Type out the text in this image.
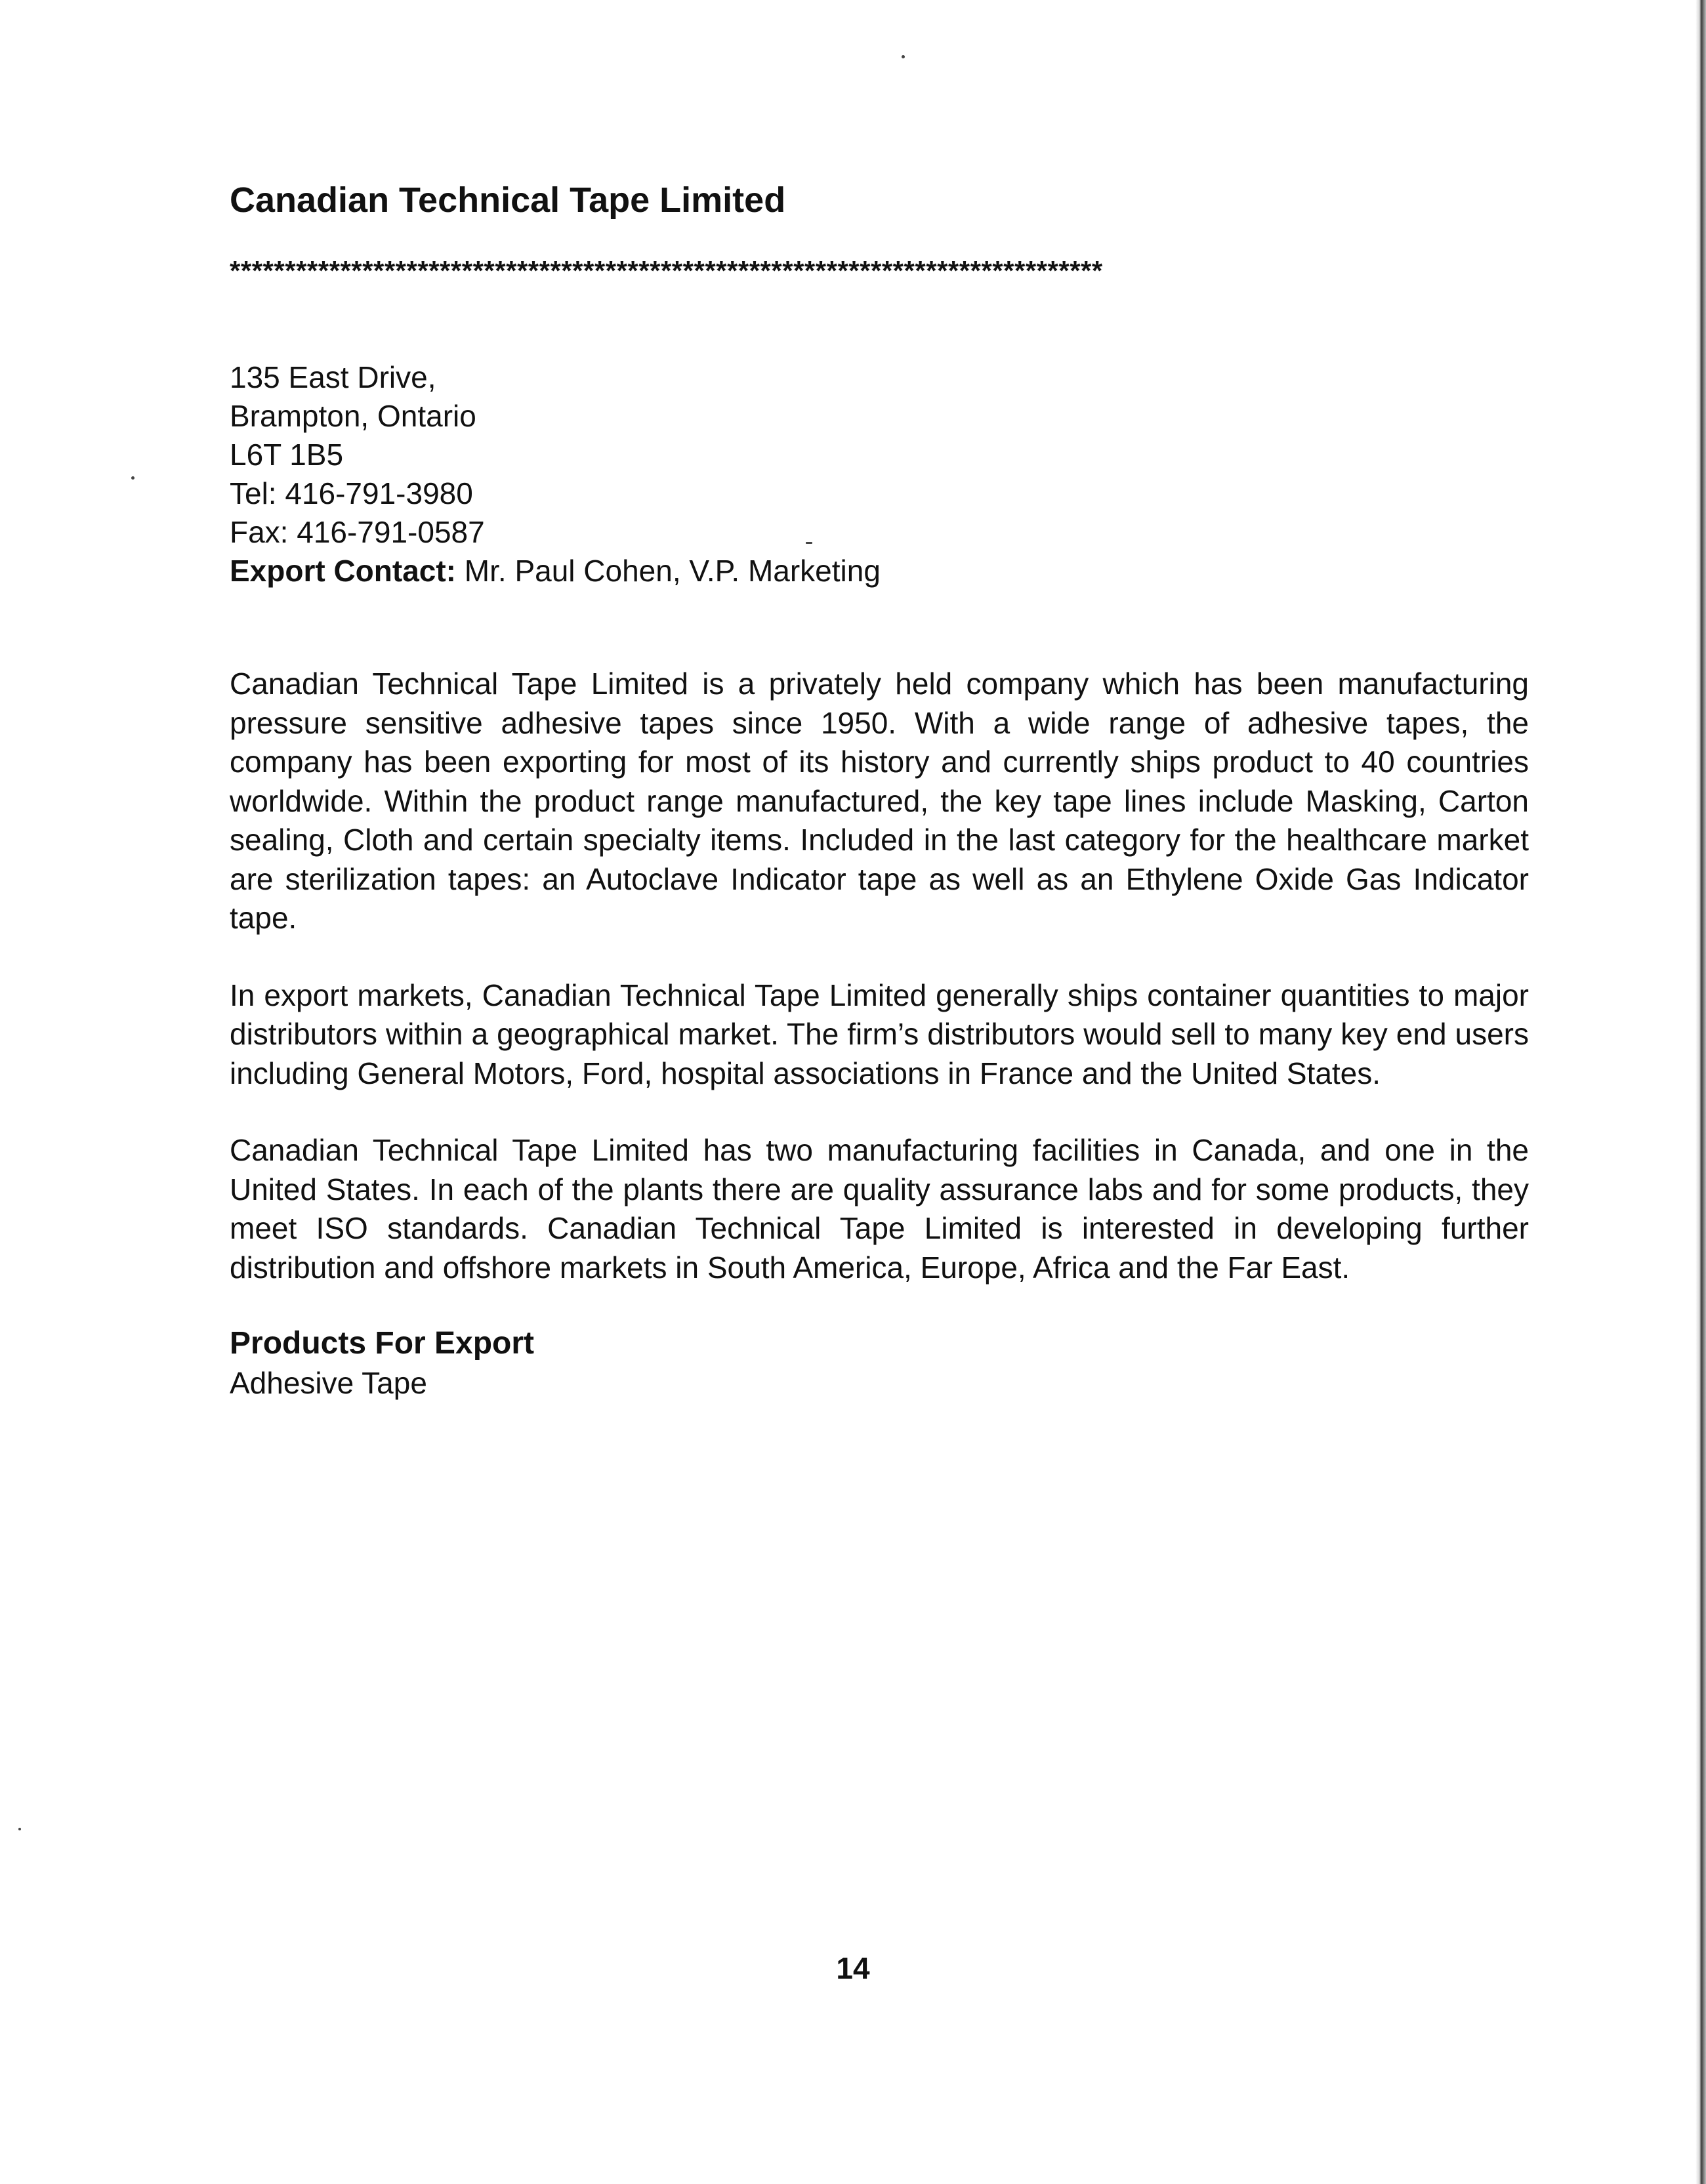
Canadian Technical Tape Limited
*******************************************************************************
135 East Drive,
Brampton, Ontario
L6T 1B5
Tel: 416-791-3980
Fax: 416-791-0587
Export Contact: Mr. Paul Cohen, V.P. Marketing

Canadian Technical Tape Limited is a privately held company which has been manufacturing pressure sensitive adhesive tapes since 1950. With a wide range of adhesive tapes, the company has been exporting for most of its history and currently ships product to 40 countries worldwide. Within the product range manufactured, the key tape lines include Masking, Carton sealing, Cloth and certain specialty items. Included in the last category for the healthcare market are sterilization tapes: an Autoclave Indicator tape as well as an Ethylene Oxide Gas Indicator tape.

In export markets, Canadian Technical Tape Limited generally ships container quantities to major distributors within a geographical market. The firm’s distributors would sell to many key end users including General Motors, Ford, hospital associations in France and the United States.

Canadian Technical Tape Limited has two manufacturing facilities in Canada, and one in the United States. In each of the plants there are quality assurance labs and for some products, they meet ISO standards. Canadian Technical Tape Limited is interested in developing further distribution and offshore markets in South America, Europe, Africa and the Far East.

Products For Export
Adhesive Tape
14
